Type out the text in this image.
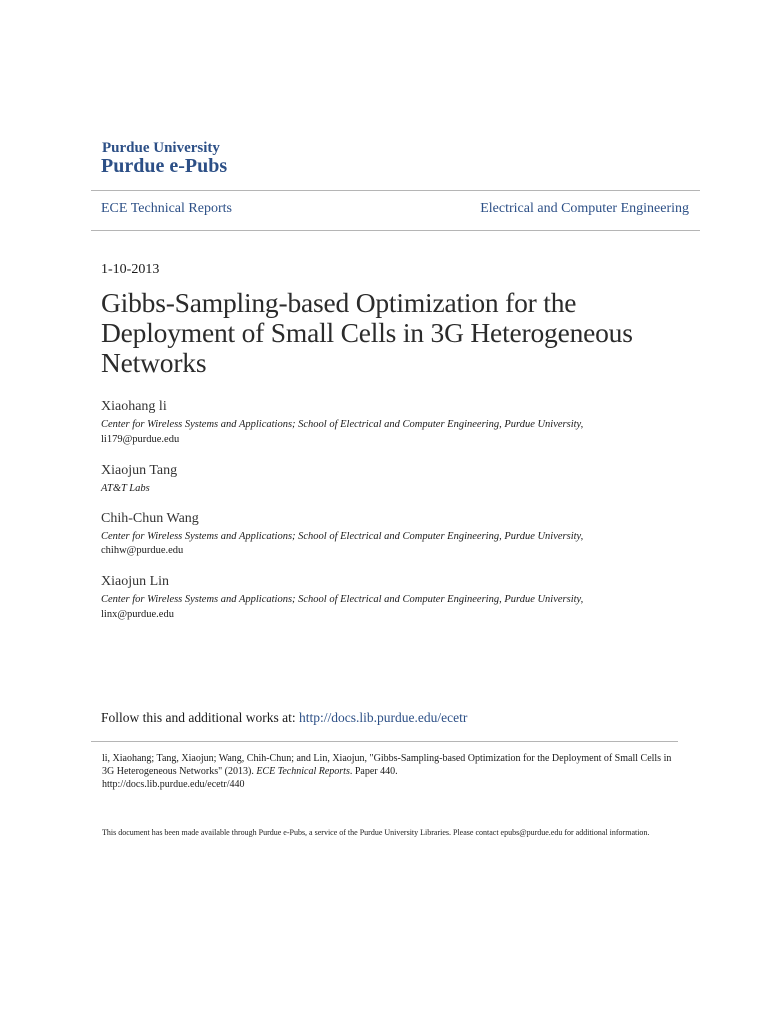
Purdue University
Purdue e-Pubs
ECE Technical Reports	Electrical and Computer Engineering
1-10-2013
Gibbs-Sampling-based Optimization for the Deployment of Small Cells in 3G Heterogeneous Networks
Xiaohang li
Center for Wireless Systems and Applications; School of Electrical and Computer Engineering, Purdue University,
li179@purdue.edu
Xiaojun Tang
AT&T Labs
Chih-Chun Wang
Center for Wireless Systems and Applications; School of Electrical and Computer Engineering, Purdue University,
chihw@purdue.edu
Xiaojun Lin
Center for Wireless Systems and Applications; School of Electrical and Computer Engineering, Purdue University,
linx@purdue.edu
Follow this and additional works at: http://docs.lib.purdue.edu/ecetr
li, Xiaohang; Tang, Xiaojun; Wang, Chih-Chun; and Lin, Xiaojun, "Gibbs-Sampling-based Optimization for the Deployment of Small Cells in 3G Heterogeneous Networks" (2013). ECE Technical Reports. Paper 440.
http://docs.lib.purdue.edu/ecetr/440
This document has been made available through Purdue e-Pubs, a service of the Purdue University Libraries. Please contact epubs@purdue.edu for additional information.
